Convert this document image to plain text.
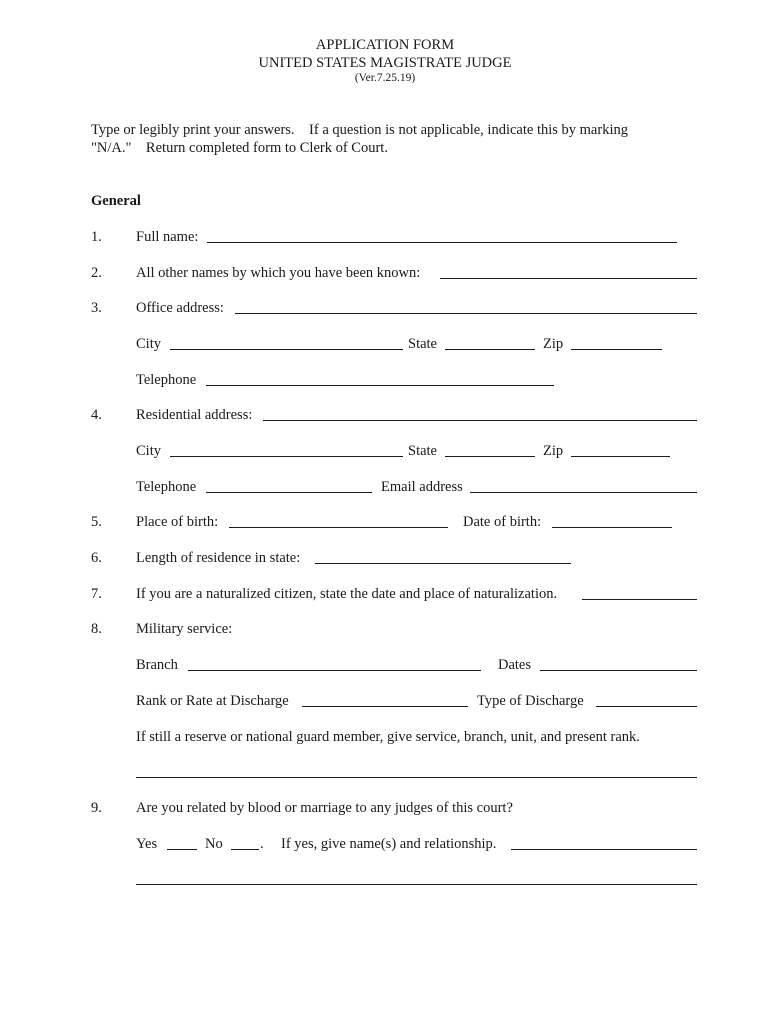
APPLICATION FORM
UNITED STATES MAGISTRATE JUDGE
(Ver.7.25.19)
Type or legibly print your answers.    If a question is not applicable, indicate this by marking
"N/A."    Return completed form to Clerk of Court.
General
1. Full name:
2. All other names by which you have been known:
3. Office address:
City	State	Zip
Telephone
4. Residential address:
City	State	Zip
Telephone	Email address
5. Place of birth:	Date of birth:
6. Length of residence in state:
7. If you are a naturalized citizen, state the date and place of naturalization.
8. Military service:
Branch	Dates
Rank or Rate at Discharge	Type of Discharge
If still a reserve or national guard member, give service, branch, unit, and present rank.
9. Are you related by blood or marriage to any judges of this court?
Yes	No	. If yes, give name(s) and relationship.
